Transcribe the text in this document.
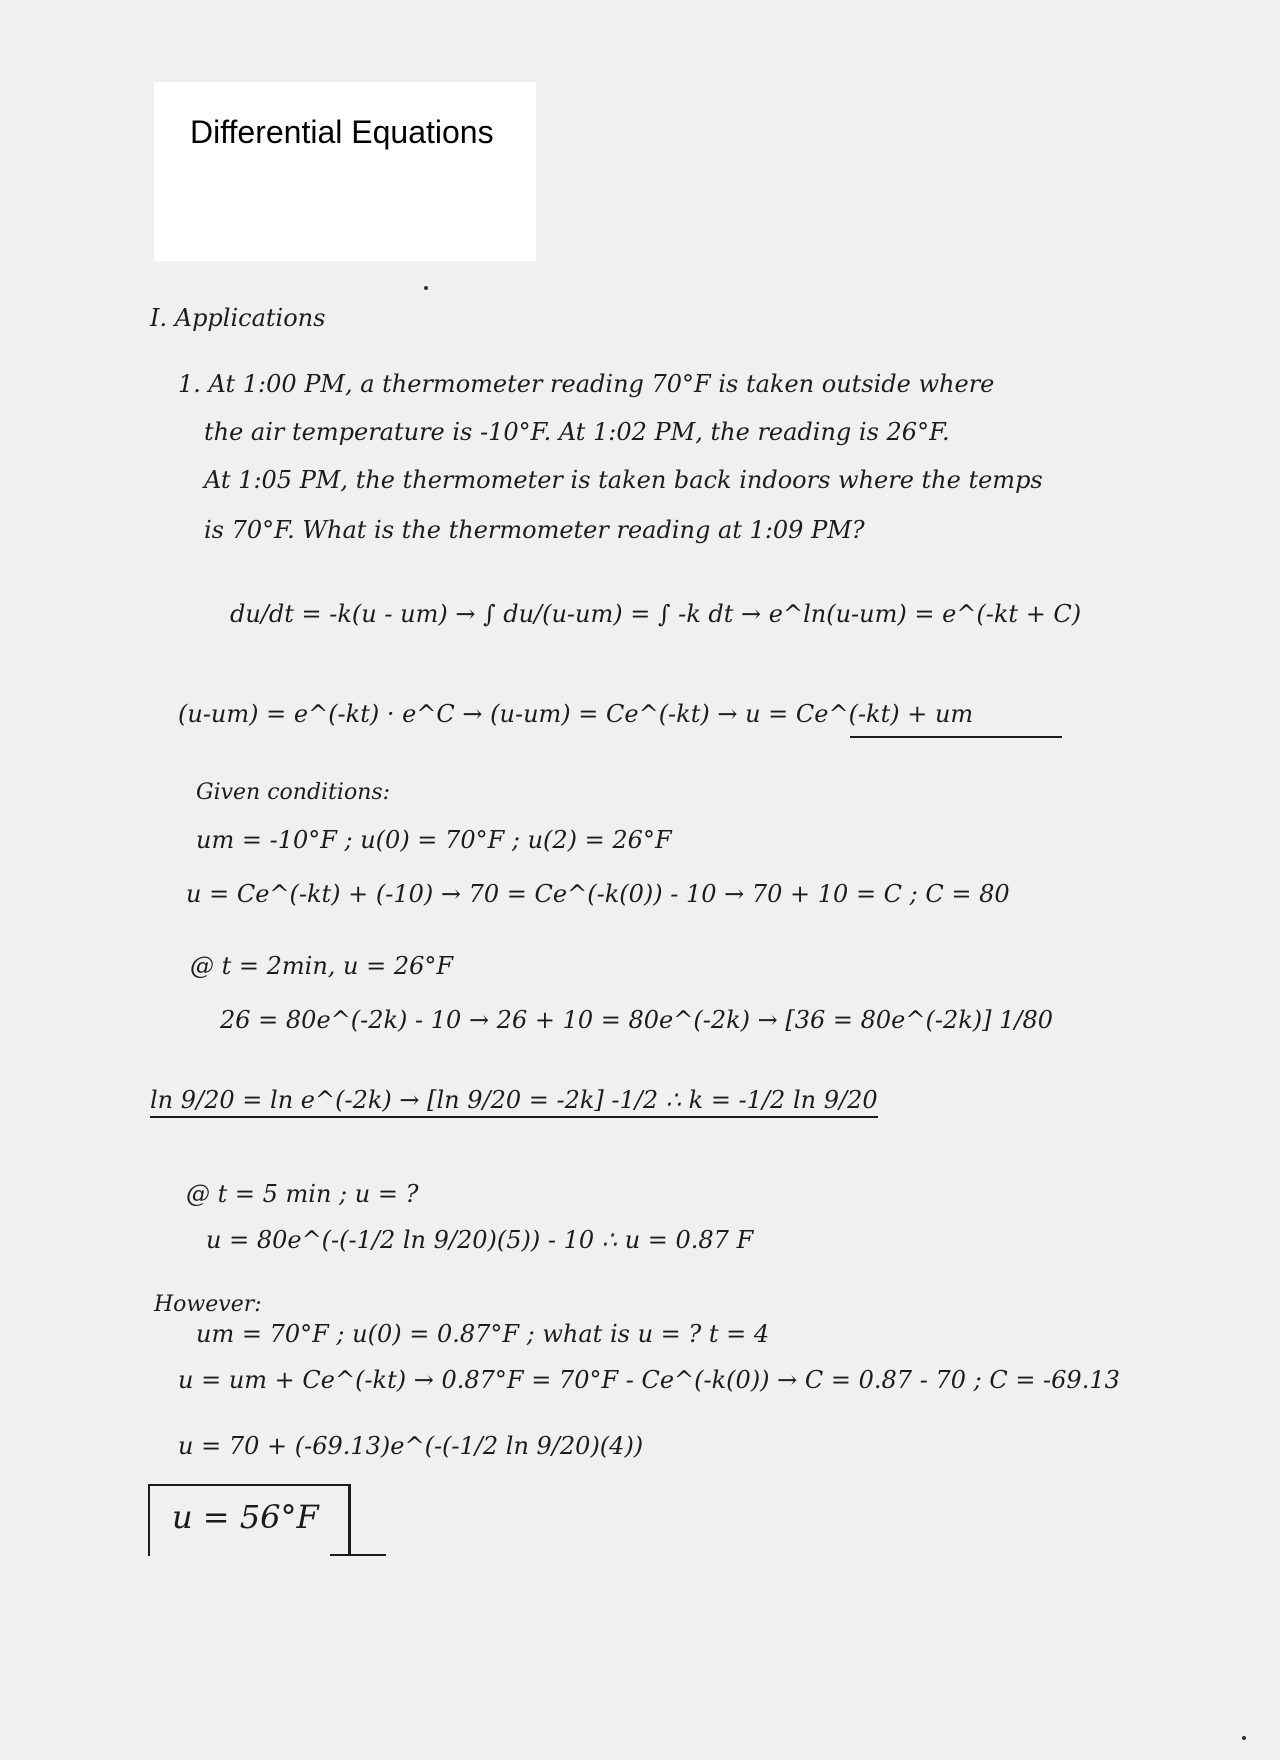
Differential Equations
I. Applications
1. At 1:00 PM, a thermometer reading 70°F is taken outside where
the air temperature is -10°F. At 1:02 PM, the reading is 26°F.
At 1:05 PM, the thermometer is taken back indoors where the temps
is 70°F. What is the thermometer reading at 1:09 PM?
du/dt = -k(u - um) → ∫ du/(u-um) = ∫ -k dt → e^ln(u-um) = e^(-kt + C)
(u-um) = e^(-kt) · e^C → (u-um) = Ce^(-kt) → u = Ce^(-kt) + um
Given conditions:
um = -10°F ; u(0) = 70°F ; u(2) = 26°F
u = Ce^(-kt) + (-10) → 70 = Ce^(-k(0)) - 10 → 70 + 10 = C ; C = 80
@ t = 2min, u = 26°F
26 = 80e^(-2k) - 10 → 26 + 10 = 80e^(-2k) → [36 = 80e^(-2k)] 1/80
ln 9/20 = ln e^(-2k) → [ln 9/20 = -2k] -1/2 ∴ k = -1/2 ln 9/20
@ t = 5 min ; u = ?
u = 80e^(-(-1/2 ln 9/20)(5)) - 10 ∴ u = 0.87 F
However:
um = 70°F ; u(0) = 0.87°F ; what is u = ? t = 4
u = um + Ce^(-kt) → 0.87°F = 70°F - Ce^(-k(0)) → C = 0.87 - 70 ; C = -69.13
u = 70 + (-69.13)e^(-(-1/2 ln 9/20)(4))
u = 56°F
